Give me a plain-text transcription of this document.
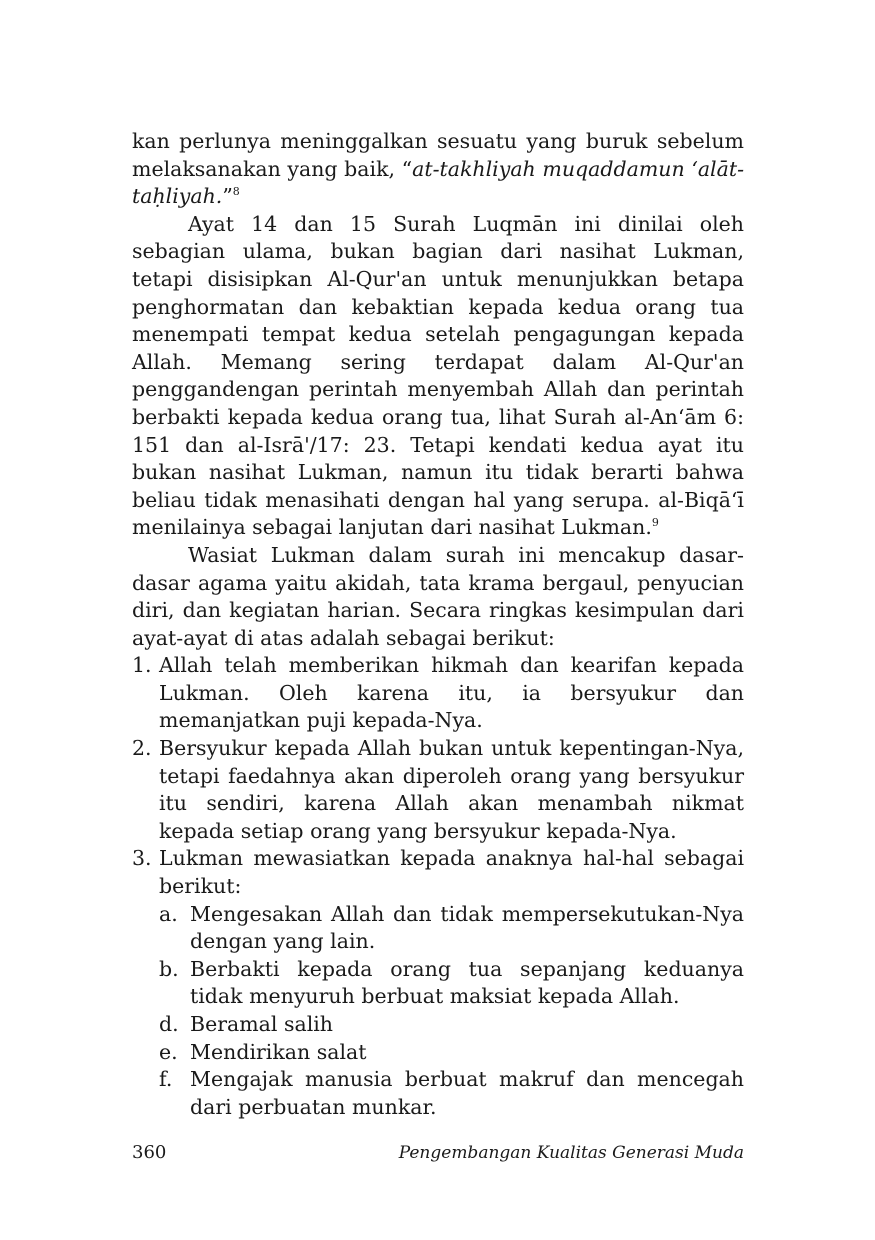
kan perlunya meninggalkan sesuatu yang buruk sebelum melaksanakan yang baik, “at-takhliyah muqaddamun ‘alāt-taḥliyah.”$^8$

Ayat 14 dan 15 Surah Luqmān ini dinilai oleh sebagian ulama, bukan bagian dari nasihat Lukman, tetapi disisipkan Al-Qur'an untuk menunjukkan betapa penghormatan dan kebaktian kepada kedua orang tua menempati tempat kedua setelah pengagungan kepada Allah. Memang sering terdapat dalam Al-Qur'an penggandengan perintah menyembah Allah dan perintah berbakti kepada kedua orang tua, lihat Surah al-An‘ām 6: 151 dan al-Isrā'/17: 23. Tetapi kendati kedua ayat itu bukan nasihat Lukman, namun itu tidak berarti bahwa beliau tidak menasihati dengan hal yang serupa. al-Biqā‘ī menilainya sebagai lanjutan dari nasihat Lukman.$^9$

Wasiat Lukman dalam surah ini mencakup dasar-dasar agama yaitu akidah, tata krama bergaul, penyucian diri, dan kegiatan harian. Secara ringkas kesimpulan dari ayat-ayat di atas adalah sebagai berikut:

1. Allah telah memberikan hikmah dan kearifan kepada Lukman. Oleh karena itu, ia bersyukur dan memanjatkan puji kepada-Nya.
2. Bersyukur kepada Allah bukan untuk kepentingan-Nya, tetapi faedahnya akan diperoleh orang yang bersyukur itu sendiri, karena Allah akan menambah nikmat kepada setiap orang yang bersyukur kepada-Nya.
3. Lukman mewasiatkan kepada anaknya hal-hal sebagai berikut:
a. Mengesakan Allah dan tidak mempersekutukan-Nya dengan yang lain.
b. Berbakti kepada orang tua sepanjang keduanya tidak menyuruh berbuat maksiat kepada Allah.
d. Beramal salih
e. Mendirikan salat
f. Mengajak manusia berbuat makruf dan mencegah dari perbuatan munkar.
360	Pengembangan Kualitas Generasi Muda
